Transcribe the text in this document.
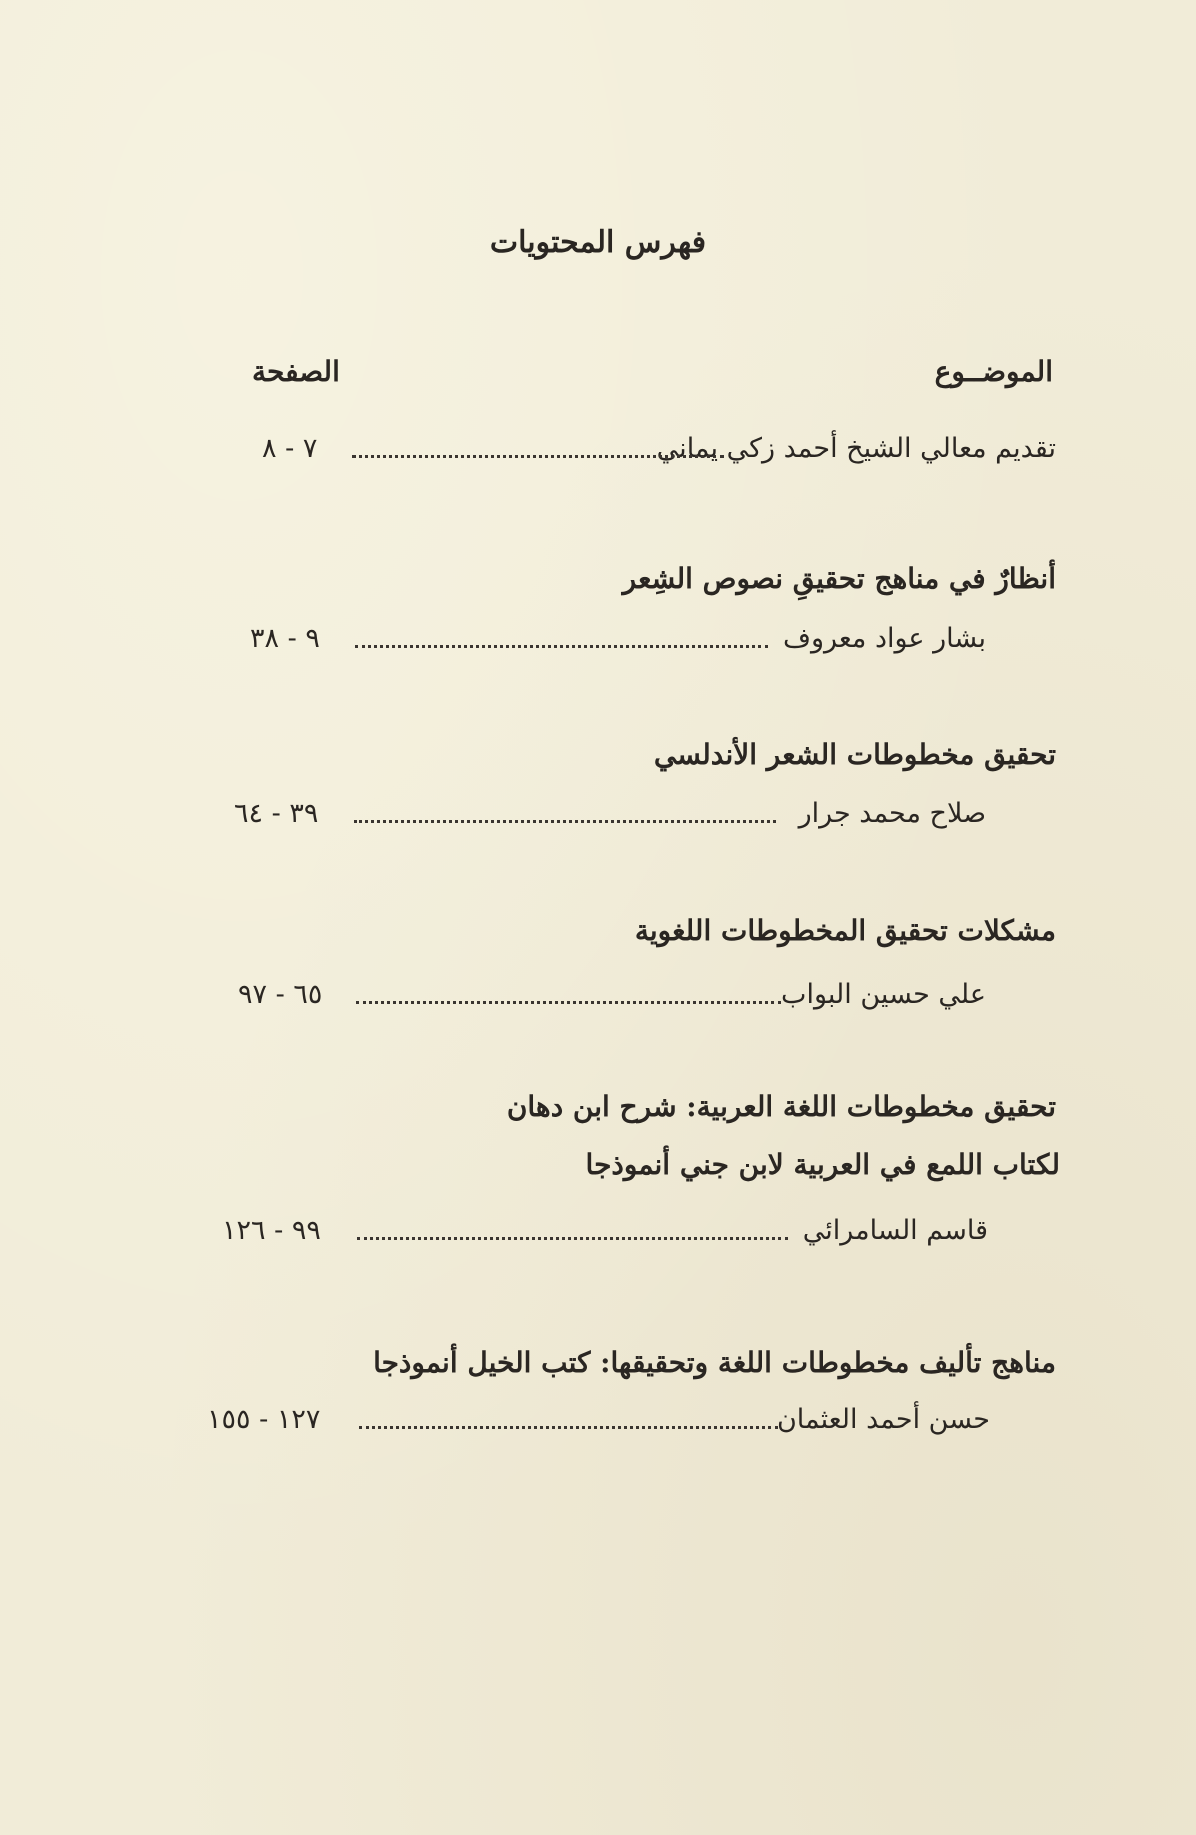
فهرس المحتويات
الموضــوع
الصفحة
تقديم معالي الشيخ أحمد زكي يماني
٧ - ٨
أنظارٌ في مناهج تحقيقِ نصوص الشِعر
بشار عواد معروف
٩ - ٣٨
تحقيق مخطوطات الشعر الأندلسي
صلاح محمد جرار
٣٩ - ٦٤
مشكلات تحقيق المخطوطات اللغوية
علي حسين البواب
٦٥ - ٩٧
تحقيق مخطوطات اللغة العربية: شرح ابن دهان
لكتاب اللمع في العربية لابن جني أنموذجا
قاسم السامرائي
٩٩ - ١٢٦
مناهج تأليف مخطوطات اللغة وتحقيقها: كتب الخيل أنموذجا
حسن أحمد العثمان
١٢٧ - ١٥٥
